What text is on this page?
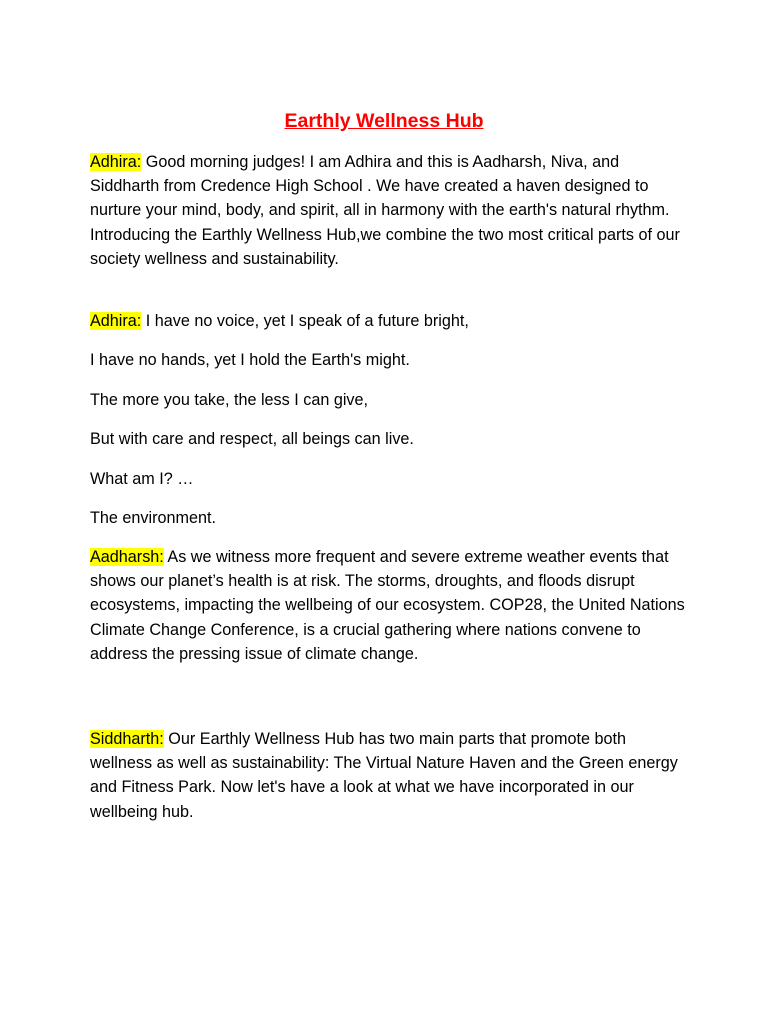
Earthly Wellness Hub

Adhira: Good morning judges! I am Adhira and this is Aadharsh, Niva, and Siddharth from Credence High School . We have created a haven designed to nurture your mind, body, and spirit, all in harmony with the earth's natural rhythm. Introducing the Earthly Wellness Hub,we combine the two most critical parts of our society wellness and sustainability.

Adhira: I have no voice, yet I speak of a future bright,

I have no hands, yet I hold the Earth's might.

The more you take, the less I can give,

But with care and respect, all beings can live.

What am I? …

The environment.

Aadharsh: As we witness more frequent and severe extreme weather events that shows our planet’s health is at risk. The storms, droughts, and floods disrupt ecosystems, impacting the wellbeing of our ecosystem. COP28, the United Nations Climate Change Conference, is a crucial gathering where nations convene to address the pressing issue of climate change.

Siddharth: Our Earthly Wellness Hub has two main parts that promote both wellness as well as sustainability: The Virtual Nature Haven and the Green energy and Fitness Park. Now let's have a look at what we have incorporated in our wellbeing hub.
